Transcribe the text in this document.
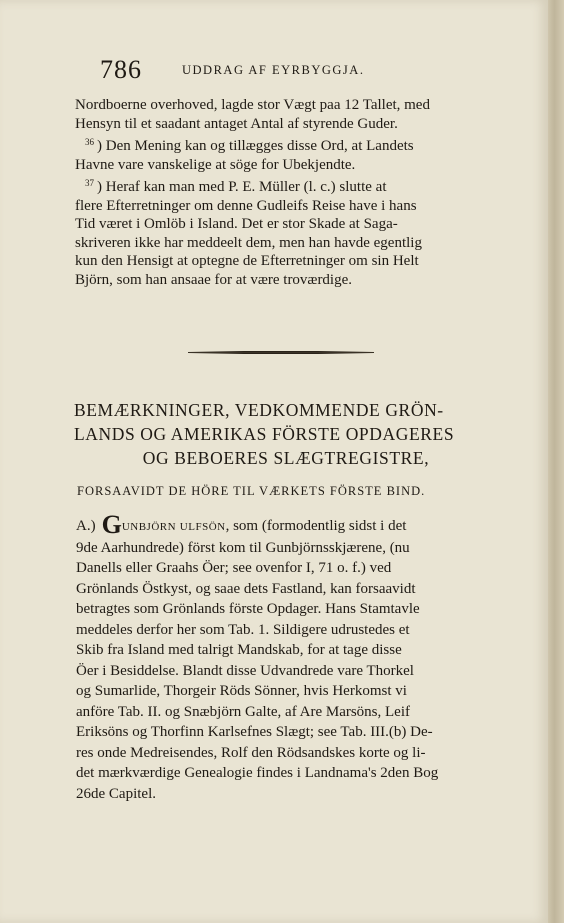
786	$^{UDDRAG AF EYRBYGGJA.}$
Nordboerne overhoved, lagde stor Vægt paa 12 Tallet, med
Hensyn til et saadant antaget Antal af styrende Guder.
$^{36}$ ) Den Mening kan og tillægges disse Ord, at Landets
Havne vare vanskelige at söge for Ubekjendte.
$^{37}$ ) Heraf kan man med P. E. Müller (l. c.) slutte at
flere Efterretninger om denne Gudleifs Reise have i hans
Tid været i Omlöb i Island. Det er stor Skade at Saga-
skriveren ikke har meddeelt dem, men han havde egentlig
kun den Hensigt at optegne de Efterretninger om sin Helt
Björn, som han ansaae for at være troværdige.
BEMÆRKNINGER, VEDKOMMENDE GRÖN-
LANDS OG AMERIKAS FÖRSTE OPDAGERES
OG BEBOERES SLÆGTREGISTRE,
FORSAAVIDT DE HÖRE TIL VÆRKETS FÖRSTE BIND.
A.) GUNBJÖRN ULFSÖN, som (formodentlig sidst i det
9de Aarhundrede) först kom til Gunbjörnsskjærene, (nu
Danells eller Graahs Öer; see ovenfor I, 71 o. f.) ved
Grönlands Östkyst, og saae dets Fastland, kan forsaavidt
betragtes som Grönlands förste Opdager. Hans Stamtavle
meddeles derfor her som Tab. 1. Sildigere udrustedes et
Skib fra Island med talrigt Mandskab, for at tage disse
Öer i Besiddelse. Blandt disse Udvandrede vare Thorkel
og Sumarlide, Thorgeir Röds Sönner, hvis Herkomst vi
anföre Tab. II. og Snæbjörn Galte, af Are Marsöns, Leif
Eriksöns og Thorfinn Karlsefnes Slægt; see Tab. III.(b) De-
res onde Medreisendes, Rolf den Rödsandskes korte og li-
det mærkværdige Genealogie findes i Landnama's 2den Bog
26de Capitel.
